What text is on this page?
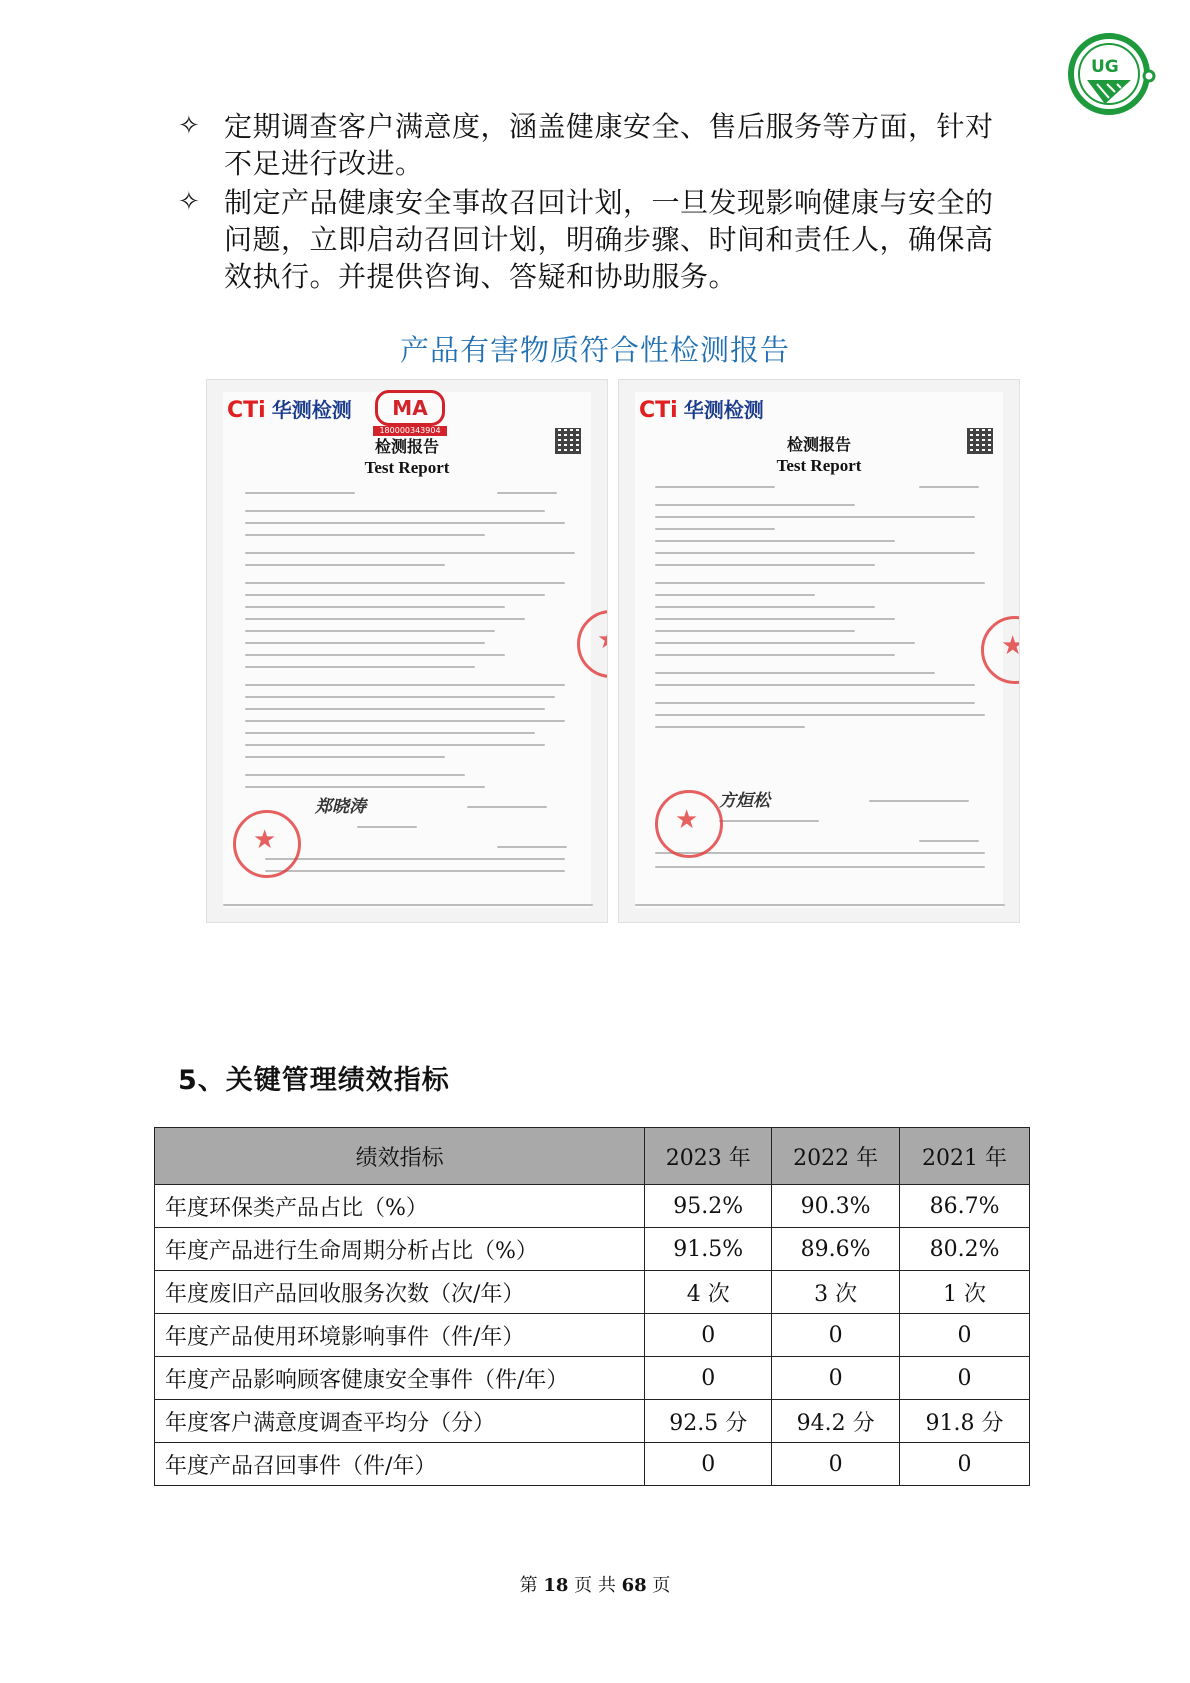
UG
✧ 定期调查客户满意度，涵盖健康安全、售后服务等方面，针对不足进行改进。
✧ 制定产品健康安全事故召回计划，一旦发现影响健康与安全的问题，立即启动召回计划，明确步骤、时间和责任人，确保高效执行。并提供咨询、答疑和协助服务。
产品有害物质符合性检测报告
CTi 华测检测	MA
180000343904
检测报告
Test Report
郑晓涛
★
★
CTi 华测检测
检测报告
Test Report
方烜松
★
★
5、关键管理绩效指标
绩效指标	2023 年	2022 年	2021 年
年度环保类产品占比（%）	95.2%	90.3%	86.7%
年度产品进行生命周期分析占比（%）	91.5%	89.6%	80.2%
年度废旧产品回收服务次数（次/年）	4 次	3 次	1 次
年度产品使用环境影响事件（件/年）	0	0	0
年度产品影响顾客健康安全事件（件/年）	0	0	0
年度客户满意度调查平均分（分）	92.5 分	94.2 分	91.8 分
年度产品召回事件（件/年）	0	0	0
第 18 页 共 68 页
